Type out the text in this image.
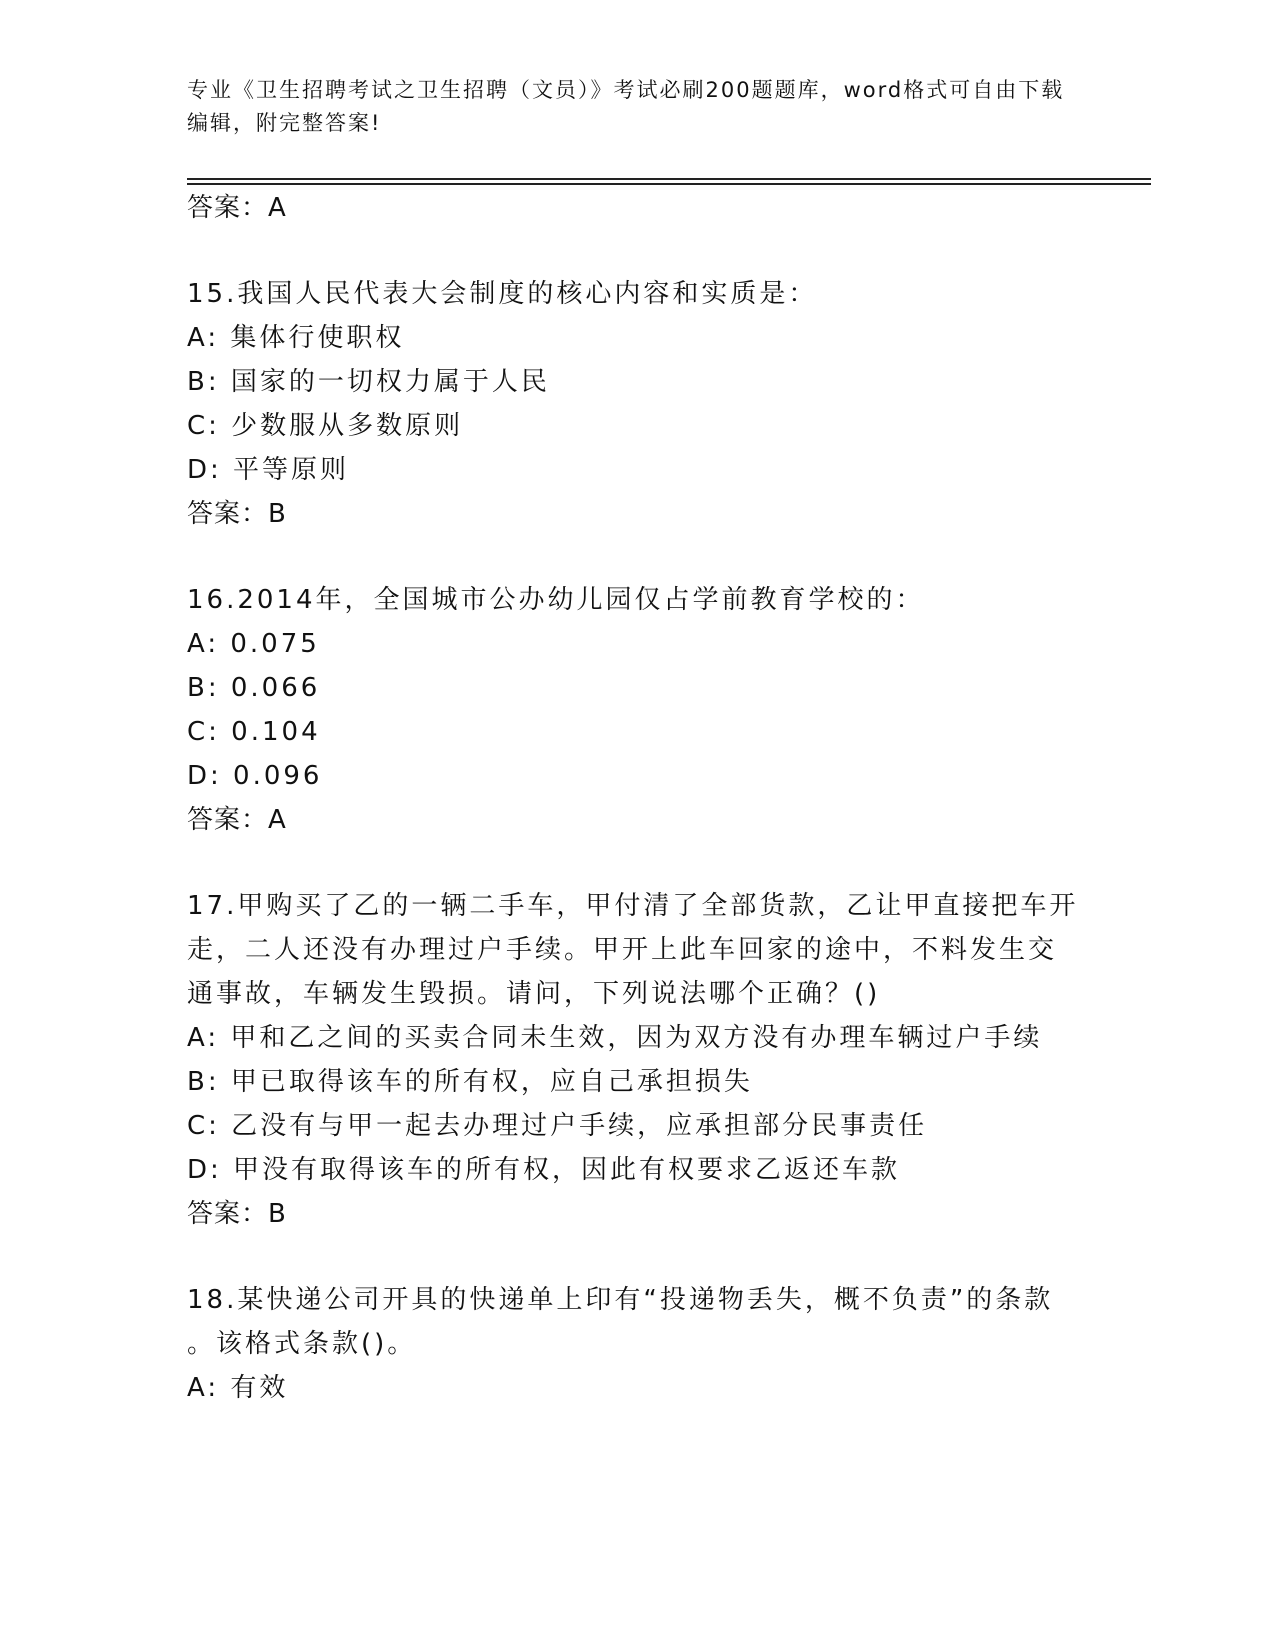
专业《卫生招聘考试之卫生招聘（文员）》考试必刷200题题库，word格式可自由下载编辑，附完整答案!
答案：A
15.我国人民代表大会制度的核心内容和实质是：
A: 集体行使职权
B: 国家的一切权力属于人民
C: 少数服从多数原则
D: 平等原则
答案：B
16.2014年，全国城市公办幼儿园仅占学前教育学校的：
A: 0.075
B: 0.066
C: 0.104
D: 0.096
答案：A
17.甲购买了乙的一辆二手车，甲付清了全部货款，乙让甲直接把车开
走，二人还没有办理过户手续。甲开上此车回家的途中，不料发生交
通事故，车辆发生毁损。请问，下列说法哪个正确？()
A: 甲和乙之间的买卖合同未生效，因为双方没有办理车辆过户手续
B: 甲已取得该车的所有权，应自己承担损失
C: 乙没有与甲一起去办理过户手续，应承担部分民事责任
D: 甲没有取得该车的所有权，因此有权要求乙返还车款
答案：B
18.某快递公司开具的快递单上印有“投递物丢失，概不负责”的条款
。该格式条款()。
A: 有效
